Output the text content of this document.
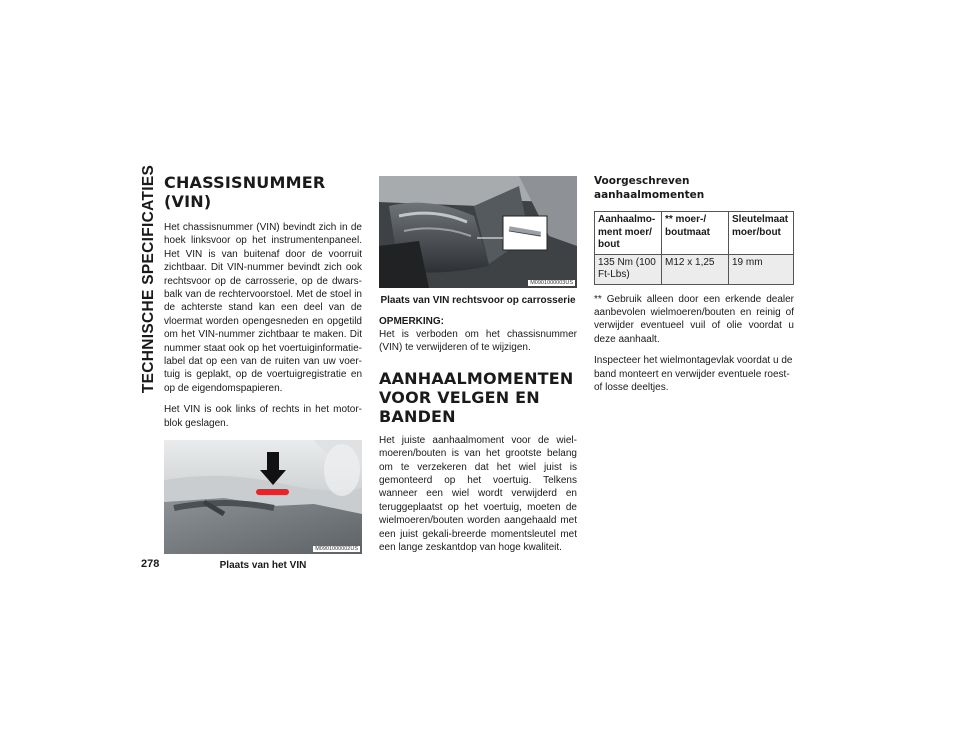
TECHNISCHE SPECIFICATIES
278
CHASSISNUMMER (VIN)

Het chassisnummer (VIN) bevindt zich in de hoek linksvoor op het instrumentenpaneel. Het VIN is van buitenaf door de voorruit zichtbaar. Dit VIN-nummer bevindt zich ook rechtsvoor op de carrosserie, op de dwars-balk van de rechtervoorstoel. Met de stoel in de achterste stand kan een deel van de vloermat worden opengesneden en opgetild om het VIN-nummer zichtbaar te maken. Dit nummer staat ook op het voertuiginformatie-label dat op een van de ruiten van uw voer-tuig is geplakt, op de voertuigregistratie en op de eigendomspapieren.

Het VIN is ook links of rechts in het motor-blok geslagen.

M0901000002US
Plaats van het VIN
M0901000003US
Plaats van VIN rechtsvoor op carrosserie
OPMERKING:

Het is verboden om het chassisnummer (VIN) te verwijderen of te wijzigen.

AANHAALMOMENTEN
VOOR VELGEN EN BANDEN

Het juiste aanhaalmoment voor de wiel-moeren/bouten is van het grootste belang om te verzekeren dat het wiel juist is gemonteerd op het voertuig. Telkens wanneer een wiel wordt verwijderd en teruggeplaatst op het voertuig, moeten de wielmoeren/bouten worden aangehaald met een juist gekali-breerde momentsleutel met een lange zeskantdop van hoge kwaliteit.

Voorgeschreven aanhaalmomenten
Aanhaalmo-ment moer/ bout	** moer-/ boutmaat	Sleutelmaat moer/bout
135 Nm (100 Ft-Lbs)	M12 x 1,25	19 mm

** Gebruik alleen door een erkende dealer aanbevolen wielmoeren/bouten en reinig of verwijder eventueel vuil of olie voordat u deze aanhaalt.

Inspecteer het wielmontagevlak voordat u de band monteert en verwijder eventuele roest- of losse deeltjes.
